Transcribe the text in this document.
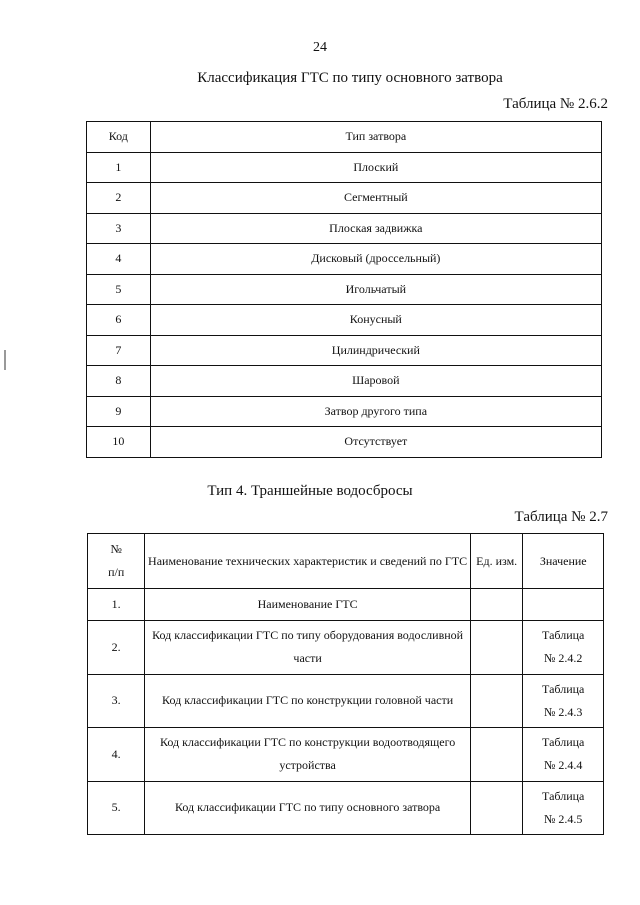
24
Классификация ГТС по типу основного затвора
Таблица № 2.6.2
Код	Тип затвора
1	Плоский
2	Сегментный
3	Плоская задвижка
4	Дисковый (дроссельный)
5	Игольчатый
6	Конусный
7	Цилиндрический
8	Шаровой
9	Затвор другого типа
10	Отсутствует
Тип 4. Траншейные водосбросы
Таблица № 2.7
№
п/п	Наименование технических характеристик и сведений по ГТС	Ед. изм.	Значение
1.	Наименование ГТС		
2.	Код классификации ГТС по типу оборудования водосливной части		Таблица
№ 2.4.2

3.	Код классификации ГТС по конструкции головной части		Таблица
№ 2.4.3

4.	Код классификации ГТС по конструкции водоотводящего устройства		Таблица
№ 2.4.4

5.	Код классификации ГТС по типу основного затвора		Таблица
№ 2.4.5
